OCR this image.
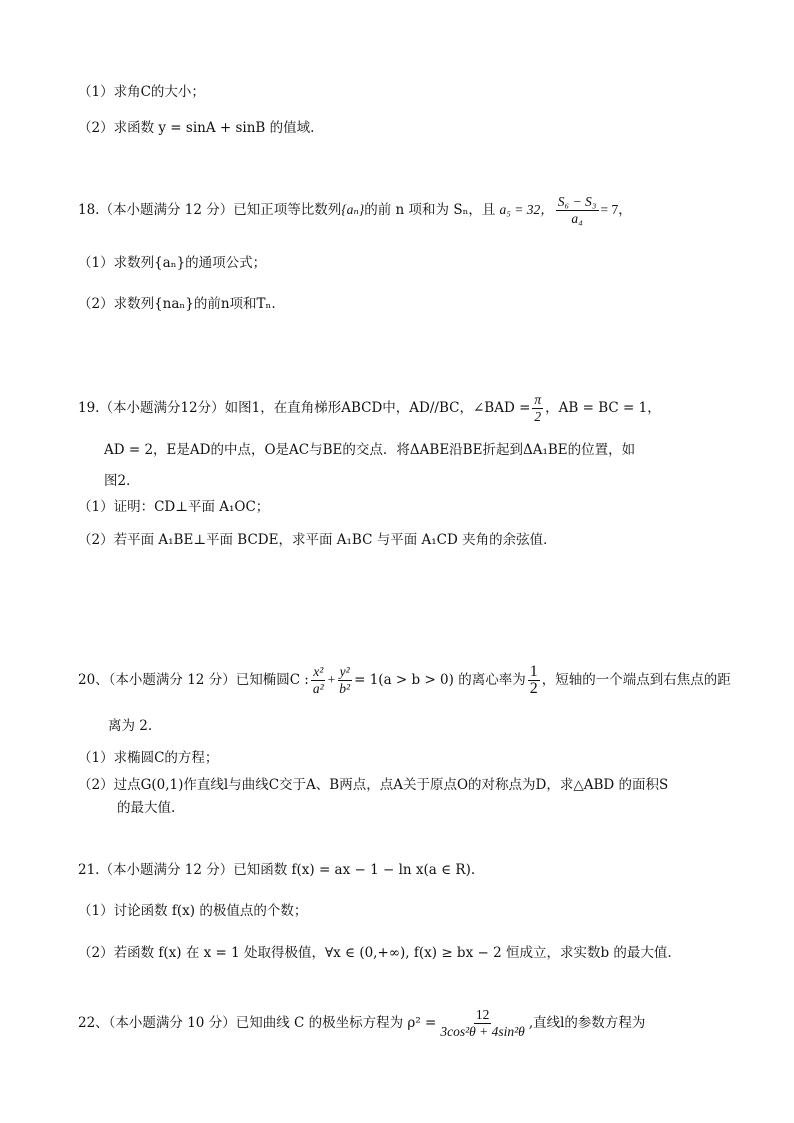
（1）求角C的大小；
（2）求函数 y = sinA + sinB 的值域.
18.（本小题满分 12 分）已知正项等比数列 {aₙ} 的前 n 项和为 Sₙ，且 a₅ = 32， $\frac{\text{S₆ − S₃}}{\text{a₄}} = 7$，
（1）求数列{aₙ}的通项公式；
（2）求数列{naₙ}的前n项和Tₙ.
19.（本小题满分12分）如图1，在直角梯形ABCD中，AD//BC，∠BAD = $\frac{\pi}{2}$ ，AB = BC = 1，
AD = 2，E是AD的中点，O是AC与BE的交点．将ΔABE沿BE折起到ΔA₁BE的位置，如
图2．
（1）证明：CD⊥平面 A₁OC；
（2）若平面 A₁BE⊥平面 BCDE，求平面 A₁BC 与平面 A₁CD 夹角的余弦值．
20、（本小题满分 12 分）已知椭圆C : $\frac{\text{x²}}{\text{a²}} + \frac{\text{y²}}{\text{b²}} = 1(a > b > 0)$ 的离心率为 $\frac{1}{2}$ ，短轴的一个端点到右焦点的距
离为 2.
（1）求椭圆C的方程；
（2）过点G(0,1)作直线l与曲线C交于A、B两点，点A关于原点O的对称点为D，求△ABD 的面积S
的最大值.
21.（本小题满分 12 分）已知函数 f(x) = ax − 1 − ln x(a ∈ R).
（1）讨论函数 f(x) 的极值点的个数；
（2）若函数 f(x) 在 x = 1 处取得极值，∀x ∈ (0,+∞), f(x) ≥ bx − 2 恒成立，求实数b 的最大值.
22、（本小题满分 10 分）已知曲线 C 的极坐标方程为 $\rho^2 = \frac{12}{\text{3cos²θ + 4sin²θ}}$ ,直线l的参数方程为
